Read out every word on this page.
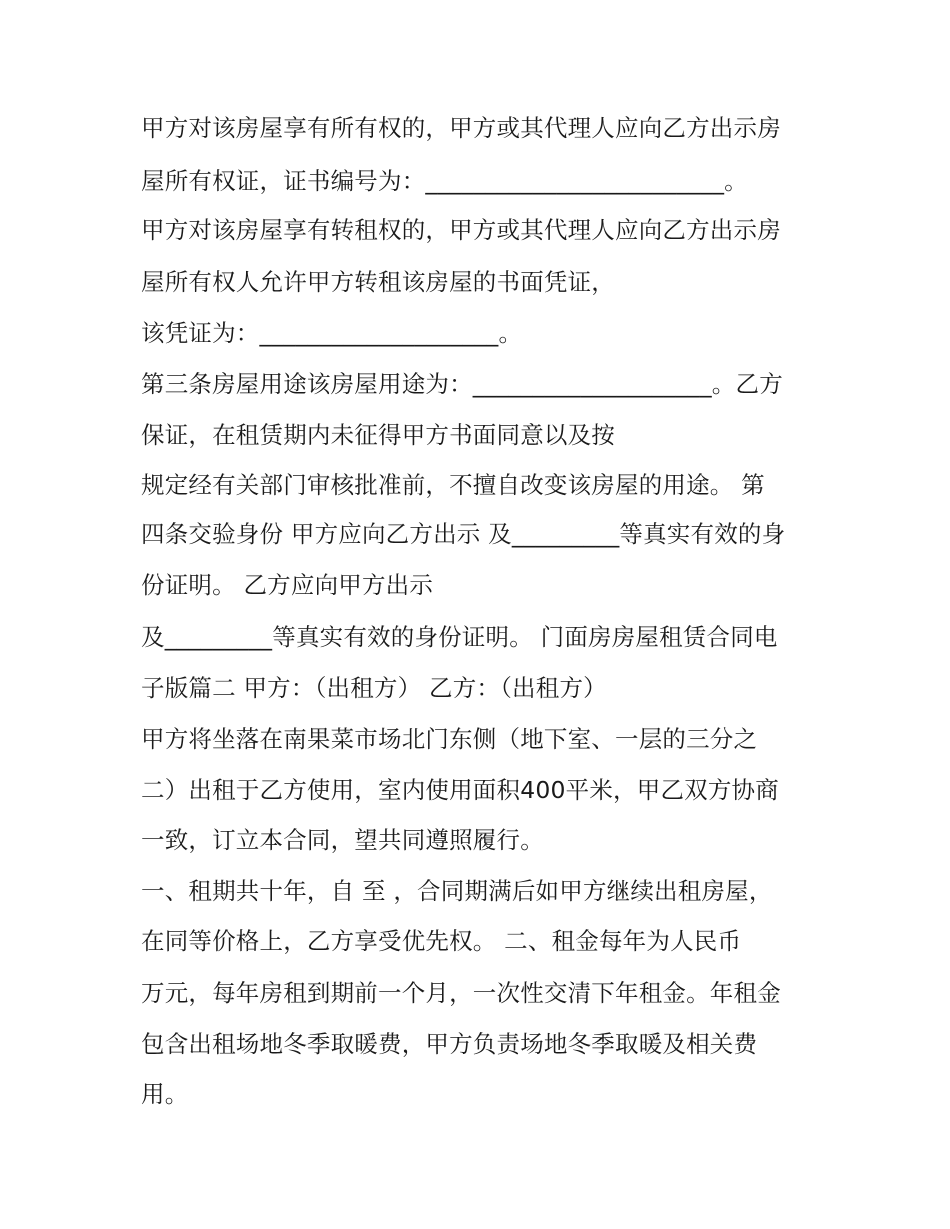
甲方对该房屋享有所有权的，甲方或其代理人应向乙方出示房
屋所有权证，证书编号为：_________________________。
甲方对该房屋享有转租权的，甲方或其代理人应向乙方出示房
屋所有权人允许甲方转租该房屋的书面凭证，
该凭证为：____________________。
第三条房屋用途该房屋用途为：____________________。乙方
保证，在租赁期内未征得甲方书面同意以及按
规定经有关部门审核批准前，不擅自改变该房屋的用途。 第
四条交验身份 甲方应向乙方出示 及_________等真实有效的身
份证明。 乙方应向甲方出示
及_________等真实有效的身份证明。 门面房房屋租赁合同电
子版篇二 甲方：（出租方） 乙方：（出租方）
甲方将坐落在南果菜市场北门东侧（地下室、一层的三分之
二）出租于乙方使用，室内使用面积400平米，甲乙双方协商
一致，订立本合同，望共同遵照履行。
一、租期共十年，自 至 ，合同期满后如甲方继续出租房屋，
在同等价格上，乙方享受优先权。 二、租金每年为人民币
万元，每年房租到期前一个月，一次性交清下年租金。年租金
包含出租场地冬季取暖费，甲方负责场地冬季取暖及相关费
用。
